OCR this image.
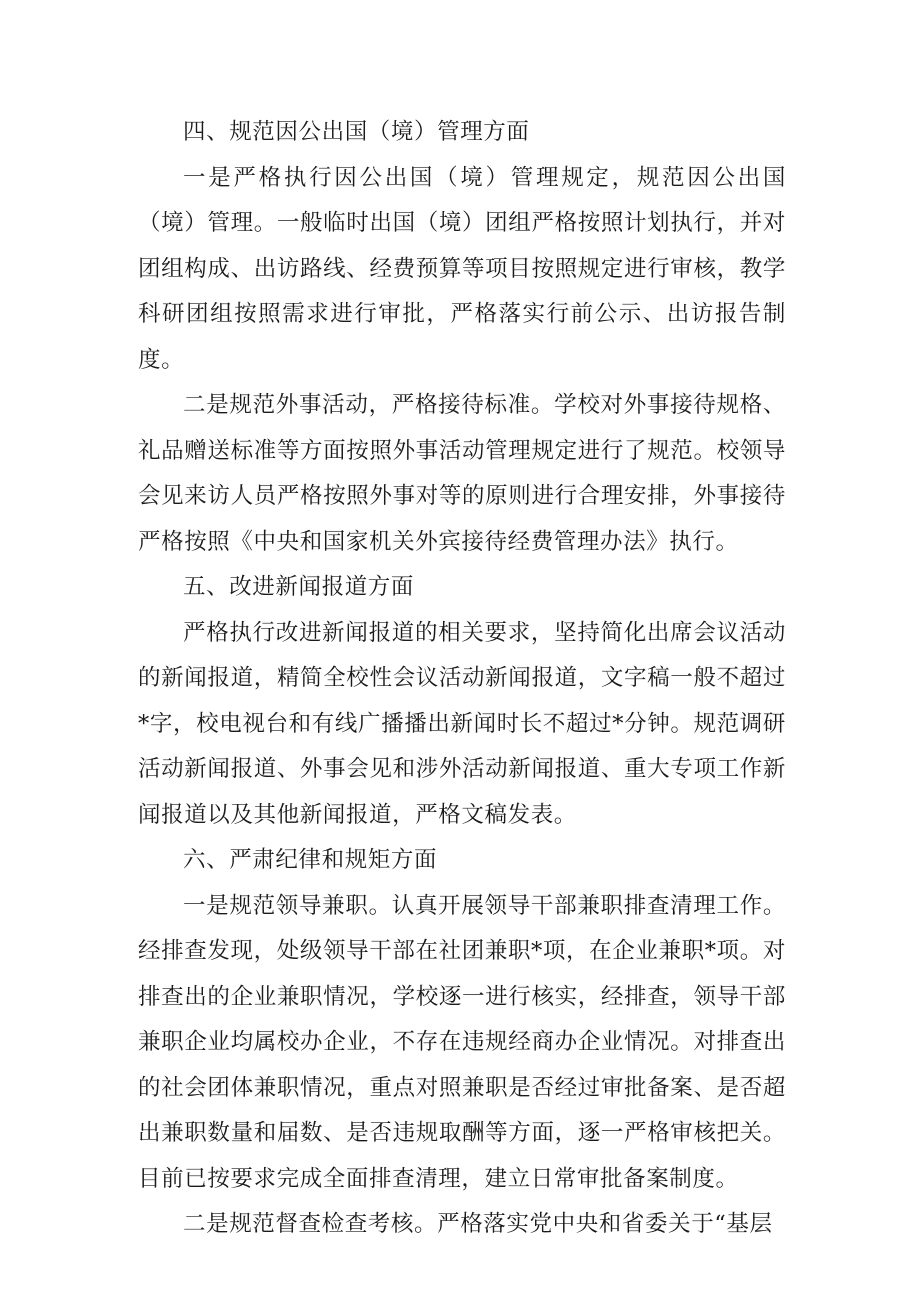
四、规范因公出国（境）管理方面

一是严格执行因公出国（境）管理规定，规范因公出国（境）管理。一般临时出国（境）团组严格按照计划执行，并对团组构成、出访路线、经费预算等项目按照规定进行审核，教学科研团组按照需求进行审批，严格落实行前公示、出访报告制度。

二是规范外事活动，严格接待标准。学校对外事接待规格、礼品赠送标准等方面按照外事活动管理规定进行了规范。校领导会见来访人员严格按照外事对等的原则进行合理安排，外事接待严格按照《中央和国家机关外宾接待经费管理办法》执行。

五、改进新闻报道方面

严格执行改进新闻报道的相关要求，坚持简化出席会议活动的新闻报道，精简全校性会议活动新闻报道，文字稿一般不超过*字，校电视台和有线广播播出新闻时长不超过*分钟。规范调研活动新闻报道、外事会见和涉外活动新闻报道、重大专项工作新闻报道以及其他新闻报道，严格文稿发表。

六、严肃纪律和规矩方面

一是规范领导兼职。认真开展领导干部兼职排查清理工作。经排查发现，处级领导干部在社团兼职*项，在企业兼职*项。对排查出的企业兼职情况，学校逐一进行核实，经排查，领导干部兼职企业均属校办企业，不存在违规经商办企业情况。对排查出的社会团体兼职情况，重点对照兼职是否经过审批备案、是否超出兼职数量和届数、是否违规取酬等方面，逐一严格审核把关。目前已按要求完成全面排查清理，建立日常审批备案制度。

二是规范督查检查考核。严格落实党中央和省委关于“基层
